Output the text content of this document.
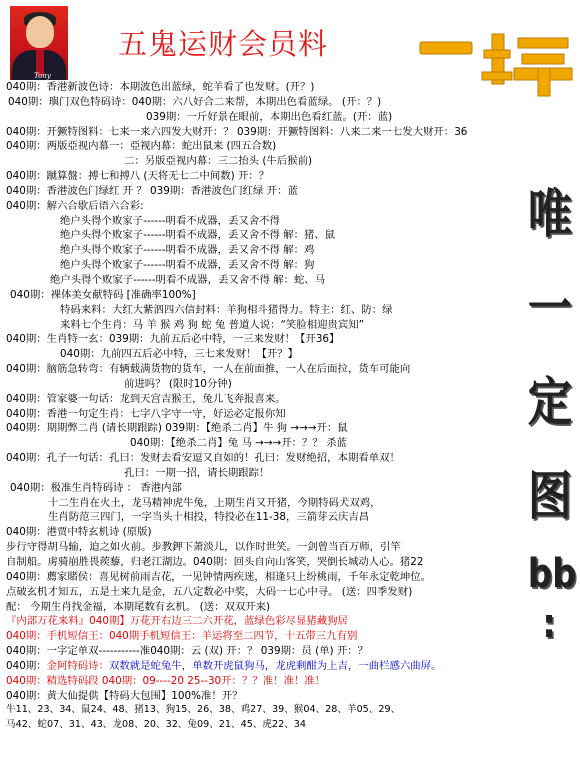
Tony
五鬼运财会员料
唯
一
定
图
bb
:
040期：香港新波色诗：本期波色出蓝绿，蛇羊看了也发财。(开？)
040期：璵门双色特码诗：040期：六八好合二来帮，本期出色看蓝绿。 (开：？)
039期：一斤好景在眼前，本期出色看红蓝。(开：蓝)
040期：开獗特图料：七来一来六四发大财开：？ 039期：开獗特图料：八来二来一七发大财开：36
040期：两版亞视内幕一：亞视内幕：蛇出鼠来 (四五合数)
二：另版亞视内幕：三二抬头 (牛后猴前)
040期：蹴算盤：搏七和搏八 (天将无七二中间数) 开：？
040期：香港波色门绿红 开 ？ 039期：香港波色门红绿 开：蓝
040期：解六合歇后语六合彩:
绝户头得个败家子------明看不成器，丢又舍不得
绝户头得个败家子------明看不成器，丢又舍不得 解：猪、鼠
绝户头得个败家子------明看不成器，丢又舍不得 解：鸡
绝户头得个败家子------明看不成器，丢又舍不得 解：狗
绝户头得个败家子------明看不成器，丢又舍不得 解：蛇、马
040期：裸体美女献特码 [准确率100%]
特码来料：大红大紫泗四六信封料：羊狗相斗猪得力。特主：红、防：绿
来料七个生肖：马 羊 猴 鸡 狗 蛇 兔 普道人说：“笑脸相迎贵宾知”
040期：生肖特一玄：039期：九前五后必中特，一三来发财！【开36】
040期：九前四五后必中特，三七来发财！【开？】
040期：脑筋急转弯：有辆载满货物的货车，一人在前面推，一人在后面拉，货车可能向
前进吗？ (限时10分钟)
040期：管家婆一句话：龙到天宫吉猴王，兔儿飞奔报喜来。
040期：香港一句定生肖：七字八字守一守，好运必定报你知
040期：期期弊二肖 (请长期跟踪) 039期：【绝杀二肖】牛 狗 →→→开：鼠
040期：【绝杀二肖】兔 马 →→→开：？？ 杀蓝
040期：孔子一句话：孔曰：发财去看安逗又自如的！孔曰：发财绝招，本期看单双！
孔曰：一期一招，请长期跟踪！
040期：极准生肖特码诗 ： 香港内部
十二生肖在火土，龙马精神虎牛兔，上期生肖又开猪，今期特码犬双鸡，
生肖防范三四门，一字当头十相投，特投必在11-38，三箭芽云庆吉昌
040期：港贾中特玄机诗 (原版)
步行守得胡马输，迫之如火前。步教鉀下萧淡儿，以作时世笑。一剑曾当百万师，引竿
自制船。虏骑崩胜畏蒺藜，归老江湖边。040期：回头自向山客笑，哭倒长城动人心。猪22
040期：薦家賭侯：喜见树前雨吉花，一见钟情两疾迷，相逢只上纷桃雨，千年永定乾坤位。
点破玄机才知五，五是土来九是金，五八定数必中奖，大码一七心中寻。 (送：四季发财)
配： 今期生肖找金福，本期尾数有玄机。 (送：双双开来)
『内部万花来料』040期】万花开右边三二六开花，蓝绿色彩尽显猪藏狗居
040期：手机短信王：040期手机短信王：羊运将至二四节，十五带三九有别
040期：一字定单双-----------准040期：云 (双) 开：？ 039期：员 (单) 开：？
040期：金阿特码诗：双数就是蛇兔牛，单数开虎鼠狗马，龙虎剩酣为上吉，一曲栏感六曲屏。
040期：精选特码段 040期：09----20 25--30开：？？准！准！准！
040期：黄大仙提供【特码大包围】100%准！开？
牛11、23、34、鼠24、48、猪13、狗15、26、38、鸡27、39、猴04、28、羊05、29、
马42、蛇07、31、43、龙08、20、32、兔09、21、45、虎22、34
